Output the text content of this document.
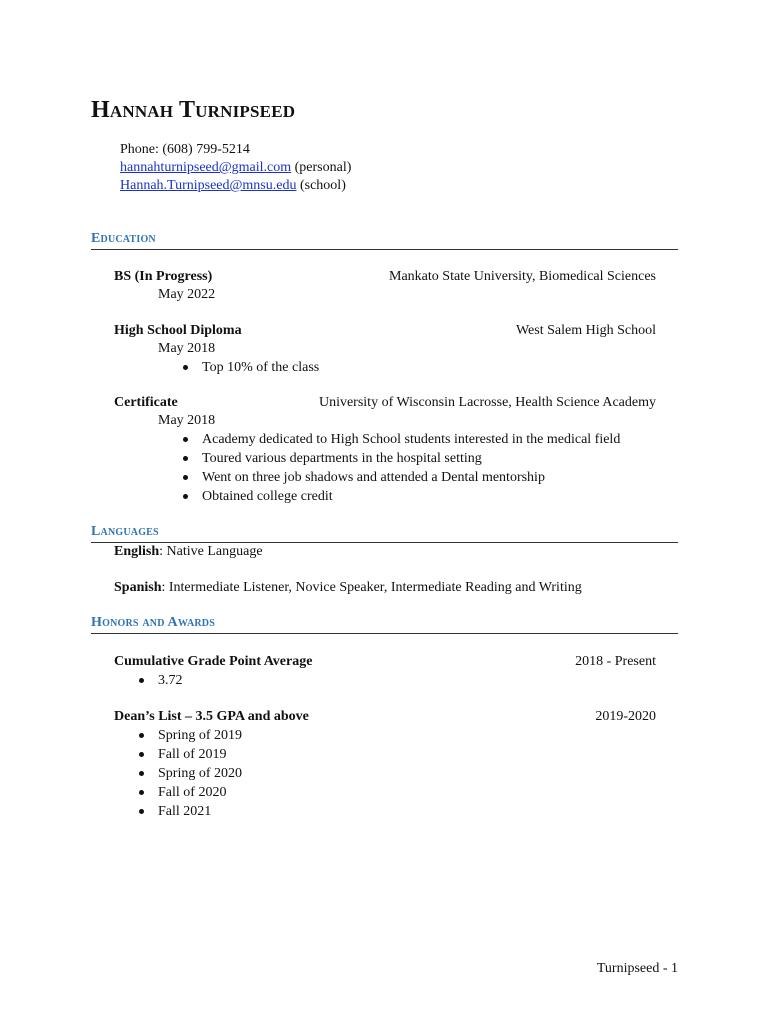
Hannah Turnipseed
Phone: (608) 799-5214
hannahturnipseed@gmail.com (personal)
Hannah.Turnipseed@mnsu.edu (school)
Education
BS (In Progress)	Mankato State University, Biomedical Sciences
May 2022
High School Diploma	West Salem High School
May 2018
Top 10% of the class
Certificate	University of Wisconsin Lacrosse, Health Science Academy
May 2018
Academy dedicated to High School students interested in the medical field
Toured various departments in the hospital setting
Went on three job shadows and attended a Dental mentorship
Obtained college credit
Languages
English: Native Language
Spanish: Intermediate Listener, Novice Speaker, Intermediate Reading and Writing
Honors and Awards
Cumulative Grade Point Average	2018 - Present
3.72
Dean’s List – 3.5 GPA and above	2019-2020
Spring of 2019
Fall of 2019
Spring of 2020
Fall of 2020
Fall 2021
Turnipseed - 1
